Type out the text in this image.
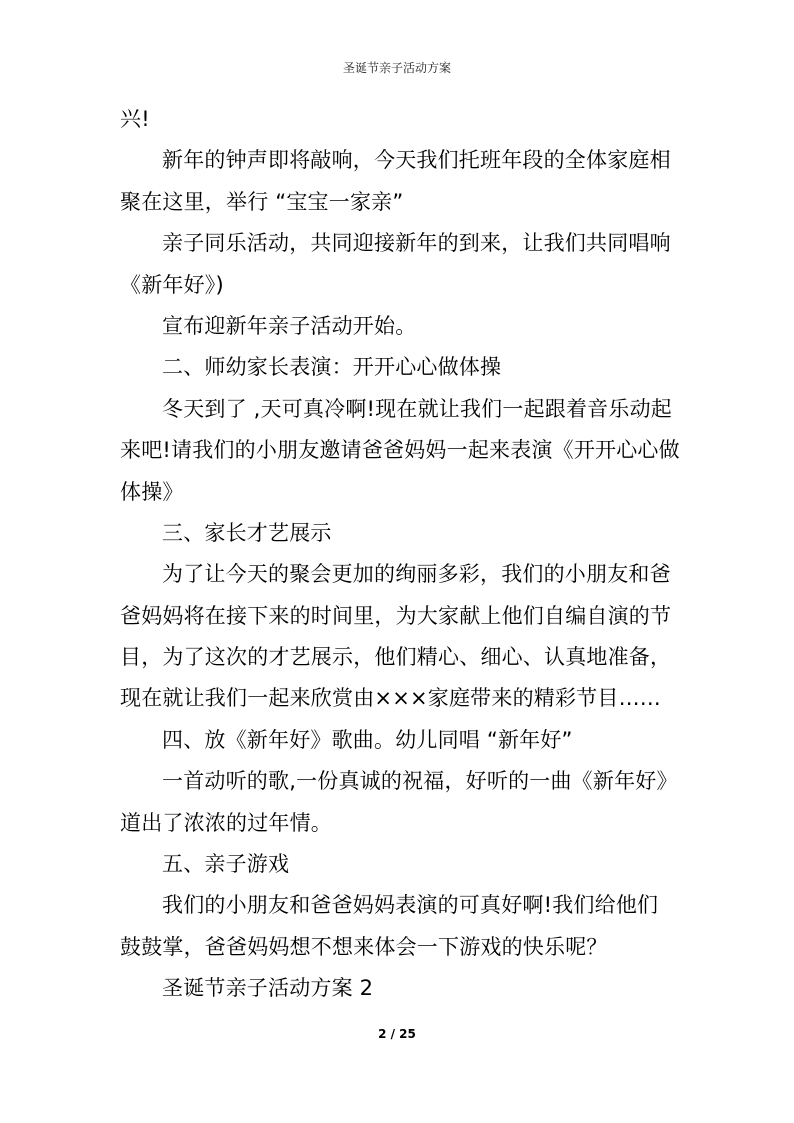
圣诞节亲子活动方案
兴!
新年的钟声即将敲响，今天我们托班年段的全体家庭相
聚在这里，举行 “宝宝一家亲”
亲子同乐活动，共同迎接新年的到来，让我们共同唱响
《新年好》)
宣布迎新年亲子活动开始。
二、师幼家长表演：开开心心做体操
冬天到了 ,天可真冷啊!现在就让我们一起跟着音乐动起
来吧!请我们的小朋友邀请爸爸妈妈一起来表演《开开心心做
体操》
三、家长才艺展示
为了让今天的聚会更加的绚丽多彩，我们的小朋友和爸
爸妈妈将在接下来的时间里，为大家献上他们自编自演的节
目，为了这次的才艺展示，他们精心、细心、认真地准备，
现在就让我们一起来欣赏由×××家庭带来的精彩节目……
四、放《新年好》歌曲。幼儿同唱 “新年好”
一首动听的歌,一份真诚的祝福，好听的一曲《新年好》
道出了浓浓的过年情。
五、亲子游戏
我们的小朋友和爸爸妈妈表演的可真好啊!我们给他们
鼓鼓掌，爸爸妈妈想不想来体会一下游戏的快乐呢？
圣诞节亲子活动方案 2
2 / 25
